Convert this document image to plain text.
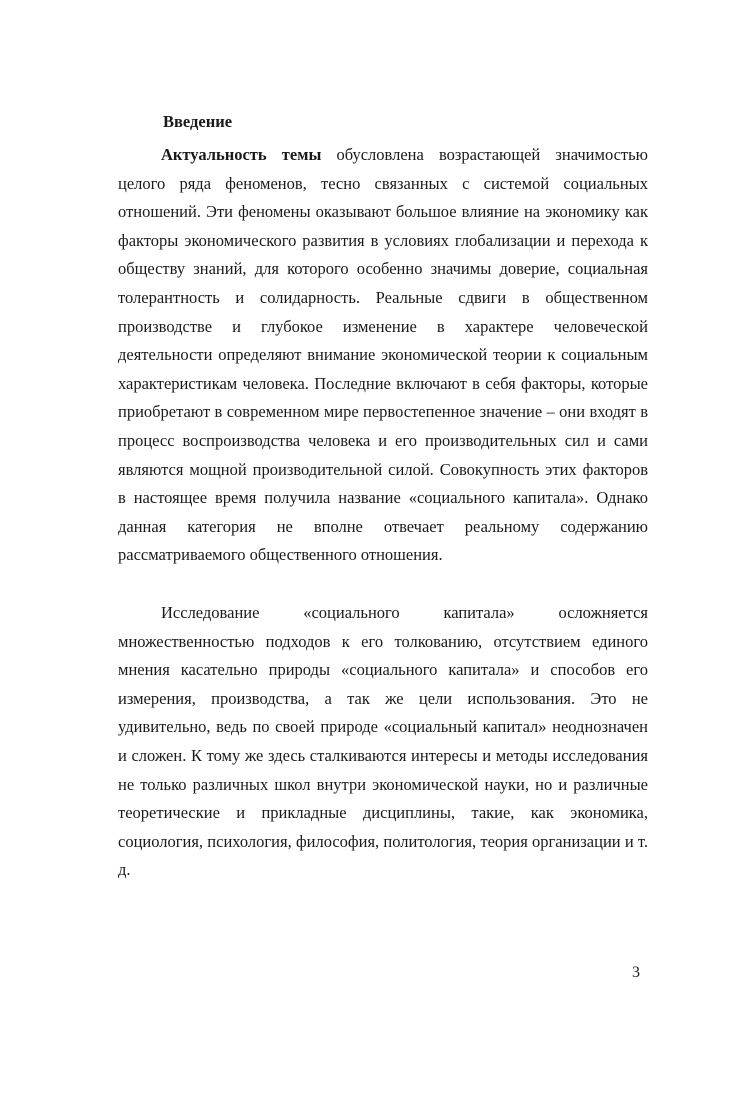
Введение

Актуальность темы обусловлена возрастающей значимостью целого ряда феноменов, тесно связанных с системой социальных отношений. Эти феномены оказывают большое влияние на экономику как факторы экономического развития в условиях глобализации и перехода к обществу знаний, для которого особенно значимы доверие, социальная толерантность и солидарность. Реальные сдвиги в общественном производстве и глубокое изменение в характере человеческой деятельности определяют внимание экономической теории к социальным характеристикам человека. Последние включают в себя факторы, которые приобретают в современном мире первостепенное значение – они входят в процесс воспроизводства человека и его производительных сил и сами являются мощной производительной силой. Совокупность этих факторов в настоящее время получила название «социального капитала». Однако данная категория не вполне отвечает реальному содержанию рассматриваемого общественного отношения.

Исследование «социального капитала» осложняется множественностью подходов к его толкованию, отсутствием единого мнения касательно природы «социального капитала» и способов его измерения, производства, а так же цели использования. Это не удивительно, ведь по своей природе «социальный капитал» неоднозначен и сложен. К тому же здесь сталкиваются интересы и методы исследования не только различных школ внутри экономической науки, но и различные теоретические и прикладные дисциплины, такие, как экономика, социология, психология, философия, политология, теория организации и т. д.

3
